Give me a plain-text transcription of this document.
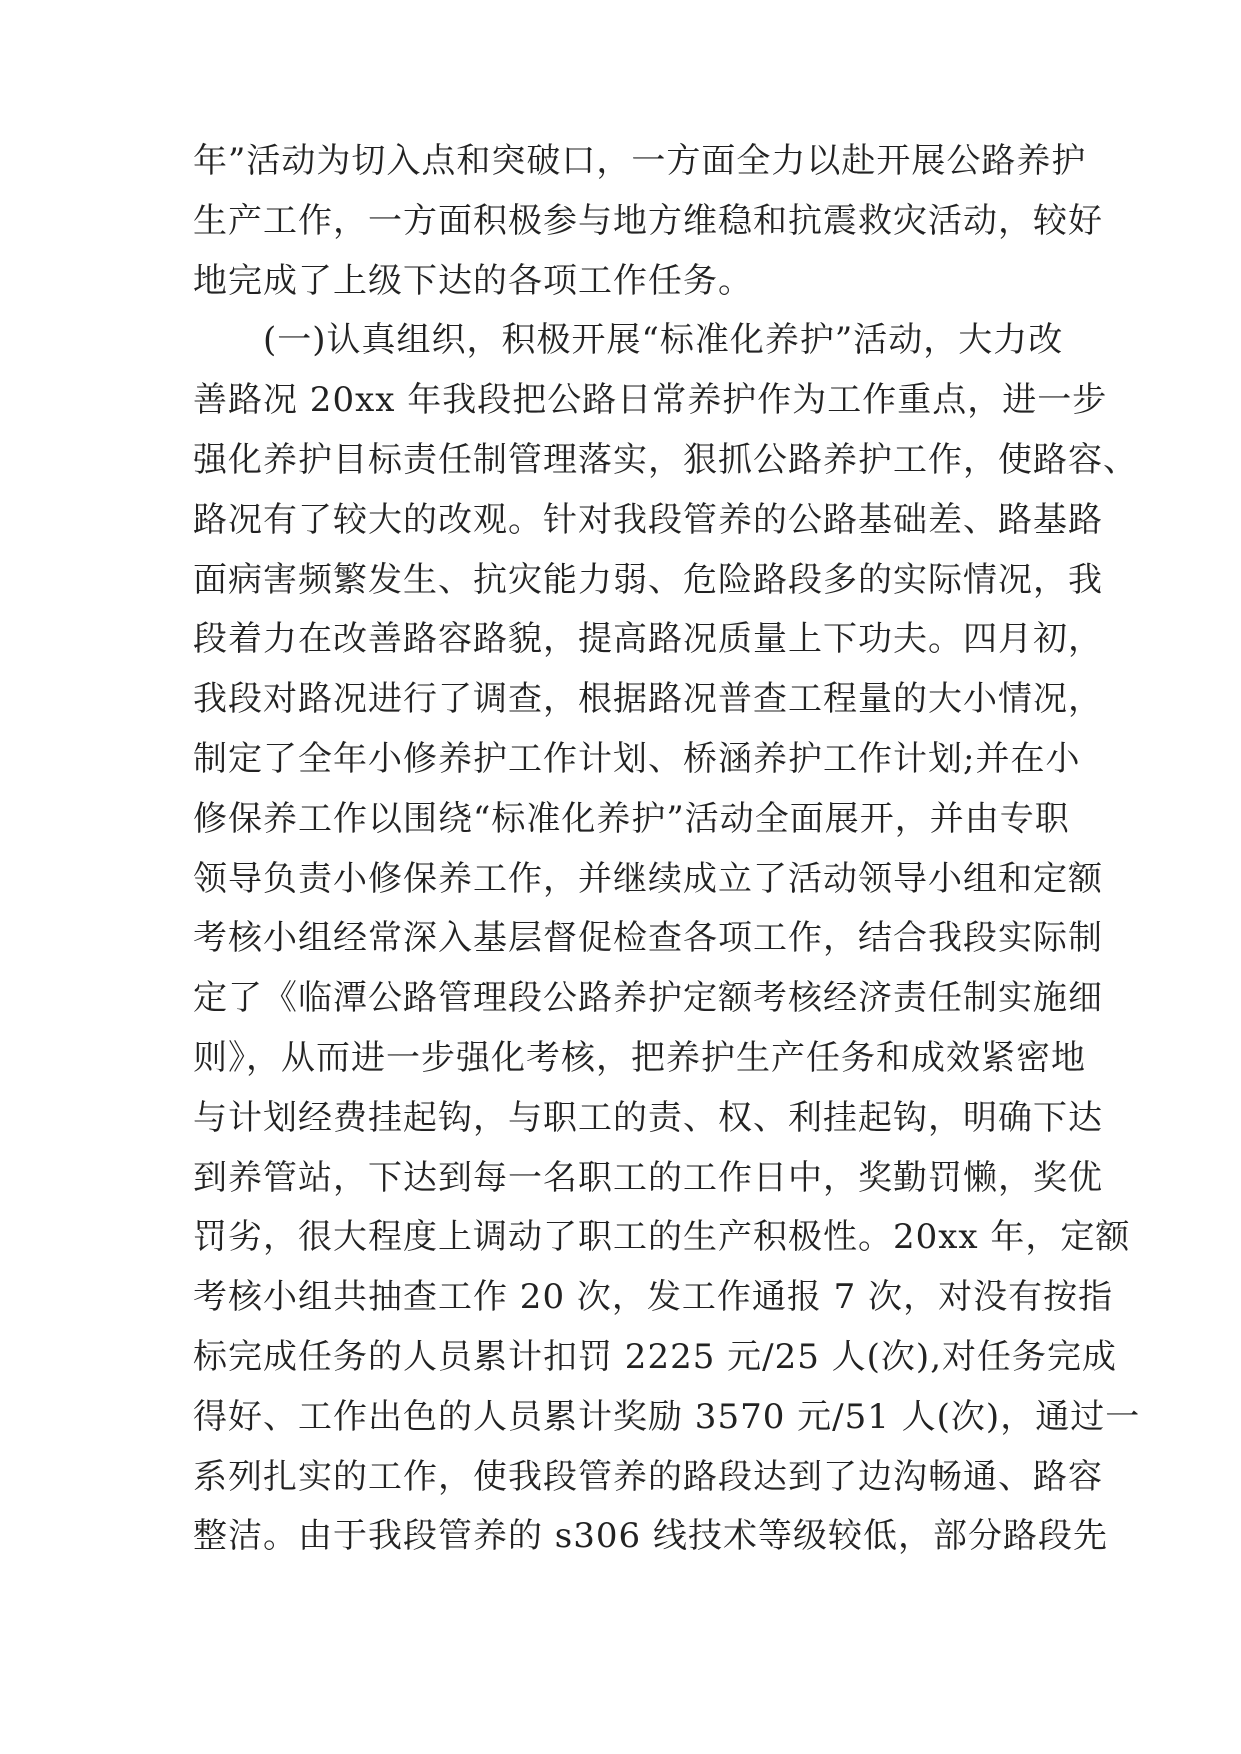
年”活动为切入点和突破口，一方面全力以赴开展公路养护
生产工作，一方面积极参与地方维稳和抗震救灾活动，较好
地完成了上级下达的各项工作任务。
　　(一)认真组织，积极开展“标准化养护”活动，大力改
善路况 20xx 年我段把公路日常养护作为工作重点，进一步
强化养护目标责任制管理落实，狠抓公路养护工作，使路容、
路况有了较大的改观。针对我段管养的公路基础差、路基路
面病害频繁发生、抗灾能力弱、危险路段多的实际情况，我
段着力在改善路容路貌，提高路况质量上下功夫。四月初，
我段对路况进行了调查，根据路况普查工程量的大小情况，
制定了全年小修养护工作计划、桥涵养护工作计划;并在小
修保养工作以围绕“标准化养护”活动全面展开，并由专职
领导负责小修保养工作，并继续成立了活动领导小组和定额
考核小组经常深入基层督促检查各项工作，结合我段实际制
定了《临潭公路管理段公路养护定额考核经济责任制实施细
则》，从而进一步强化考核，把养护生产任务和成效紧密地
与计划经费挂起钩，与职工的责、权、利挂起钩，明确下达
到养管站，下达到每一名职工的工作日中，奖勤罚懒，奖优
罚劣，很大程度上调动了职工的生产积极性。20xx 年，定额
考核小组共抽查工作 20 次，发工作通报 7 次，对没有按指
标完成任务的人员累计扣罚 2225 元/25 人(次),对任务完成
得好、工作出色的人员累计奖励 3570 元/51 人(次)，通过一
系列扎实的工作，使我段管养的路段达到了边沟畅通、路容
整洁。由于我段管养的 s306 线技术等级较低，部分路段先
